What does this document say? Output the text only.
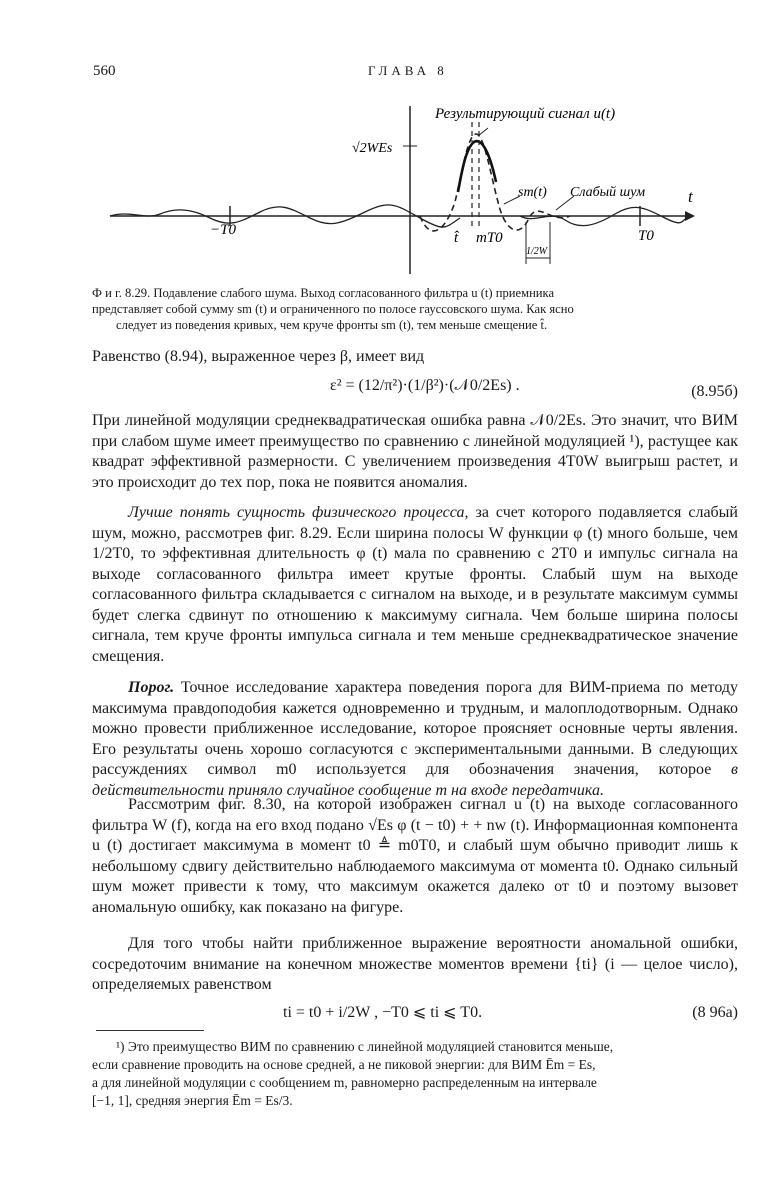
560	ГЛАВА 8
Результирующий сигнал u(t)
√2WEs
sm(t) Слабый шум	t
−T0	T0
t̂ mT0
1/2W
Ф и г. 8.29. Подавление слабого шума. Выход согласованного фильтра u (t) приемника
представляет собой сумму sm (t) и ограниченного по полосе гауссовского шума. Как ясно
следует из поведения кривых, чем круче фронты sm (t), тем меньше смещение t̂.

Равенство (8.94), выраженное через β, имеет вид

ε² = (12/π²)·(1/β²)·(𝒩0/2Es) .	(8.95б)

При линейной модуляции среднеквадратическая ошибка равна 𝒩0/2Es. Это значит, что ВИМ при слабом шуме имеет преимущество по сравнению с линейной модуляцией ¹), растущее как квадрат эффективной размерности. С увеличением произведения 4T0W выигрыш растет, и это происходит до тех пор, пока не появится аномалия.

Лучше понять сущность физического процесса, за счет которого подавляется слабый шум, можно, рассмотрев фиг. 8.29. Если ширина полосы W функции φ (t) много больше, чем 1/2T0, то эффективная длительность φ (t) мала по сравнению с 2T0 и импульс сигнала на выходе согласованного фильтра имеет крутые фронты. Слабый шум на выходе согласованного фильтра складывается с сигналом на выходе, и в результате максимум суммы будет слегка сдвинут по отношению к максимуму сигнала. Чем больше ширина полосы сигнала, тем круче фронты импульса сигнала и тем меньше среднеквадратическое значение смещения.

Порог. Точное исследование характера поведения порога для ВИМ-приема по методу максимума правдоподобия кажется одновременно и трудным, и малоплодотворным. Однако можно провести приближенное исследование, которое проясняет основные черты явления. Его результаты очень хорошо согласуются с экспериментальными данными. В следующих рассуждениях символ m0 используется для обозначения значения, которое в действительности приняло случайное сообщение m на входе передатчика.

Рассмотрим фиг. 8.30, на которой изображен сигнал u (t) на выходе согласованного фильтра W (f), когда на его вход подано √Es φ (t − t0) + + nw (t). Информационная компонента u (t) достигает максимума в момент t0 ≜ m0T0, и слабый шум обычно приводит лишь к небольшому сдвигу действительно наблюдаемого максимума от момента t0. Однако сильный шум может привести к тому, что максимум окажется далеко от t0 и поэтому вызовет аномальную ошибку, как показано на фигуре.

Для того чтобы найти приближенное выражение вероятности аномальной ошибки, сосредоточим внимание на конечном множестве моментов времени {ti} (i — целое число), определяемых равенством

ti = t0 + i/2W , −T0 ⩽ ti ⩽ T0.	(8 96a)
¹) Это преимущество ВИМ по сравнению с линейной модуляцией становится меньше,
если сравнение проводить на основе средней, а не пиковой энергии: для ВИМ Ēm = Es,
а для линейной модуляции с сообщением m, равномерно распределенным на интервале
[−1, 1], средняя энергия Ēm = Es/3.
